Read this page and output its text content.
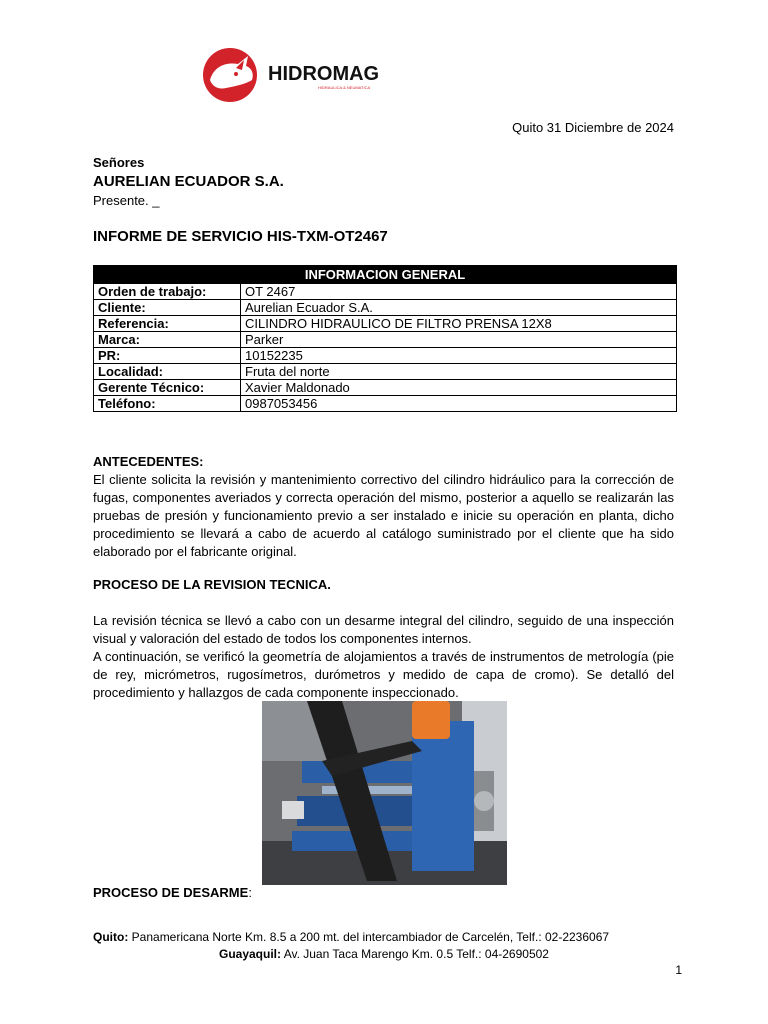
HIDROMAG
HIDRAULICA & NEUMATICA
Quito 31 Diciembre de 2024
Señores
AURELIAN ECUADOR S.A.
Presente. _
INFORME DE SERVICIO HIS-TXM-OT2467
INFORMACION GENERAL	
Orden de trabajo:	OT 2467
Cliente:	Aurelian Ecuador S.A.
Referencia:	CILINDRO HIDRAULICO DE FILTRO PRENSA 12X8
Marca:	Parker
PR:	10152235
Localidad:	Fruta del norte
Gerente Técnico:	Xavier Maldonado
Teléfono:	0987053456
ANTECEDENTES:
El cliente solicita la revisión y mantenimiento correctivo del cilindro hidráulico para la corrección de fugas, componentes averiados y correcta operación del mismo, posterior a aquello se realizarán las pruebas de presión y funcionamiento previo a ser instalado e inicie su operación en planta, dicho procedimiento se llevará a cabo de acuerdo al catálogo suministrado por el cliente que ha sido elaborado por el fabricante original.
PROCESO DE LA REVISION TECNICA.
La revisión técnica se llevó a cabo con un desarme integral del cilindro, seguido de una inspección visual y valoración del estado de todos los componentes internos.
A continuación, se verificó la geometría de alojamientos a través de instrumentos de metrología (pie de rey, micrómetros, rugosímetros, durómetros y medido de capa de cromo). Se detalló del procedimiento y hallazgos de cada componente inspeccionado.
PROCESO DE DESARME:
Quito: Panamericana Norte Km. 8.5 a 200 mt. del intercambiador de Carcelén, Telf.: 02-2236067
Guayaquil: Av. Juan Taca Marengo Km. 0.5 Telf.: 04-2690502
1
